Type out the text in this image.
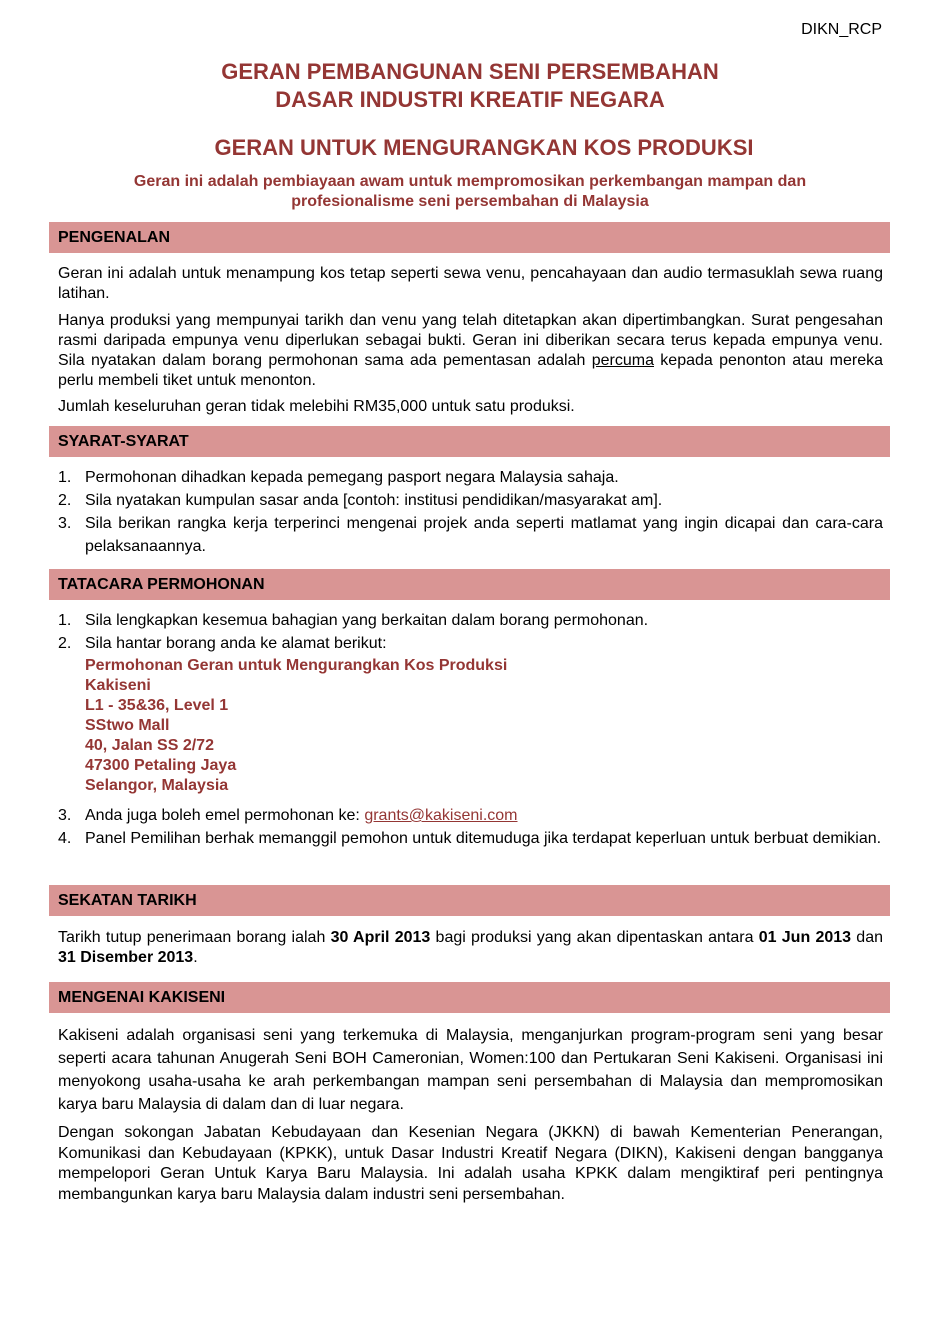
DIKN_RCP
GERAN PEMBANGUNAN SENI PERSEMBAHAN
DASAR INDUSTRI KREATIF NEGARA
GERAN UNTUK MENGURANGKAN KOS PRODUKSI
Geran ini adalah pembiayaan awam untuk mempromosikan perkembangan mampan dan
profesionalisme seni persembahan di Malaysia
PENGENALAN
Geran ini adalah untuk menampung kos tetap seperti sewa venu, pencahayaan dan audio termasuklah sewa ruang latihan.
Hanya produksi yang mempunyai tarikh dan venu yang telah ditetapkan akan dipertimbangkan. Surat pengesahan rasmi daripada empunya venu diperlukan sebagai bukti. Geran ini diberikan secara terus kepada empunya venu. Sila nyatakan dalam borang permohonan sama ada pementasan adalah percuma kepada penonton atau mereka perlu membeli tiket untuk menonton.
Jumlah keseluruhan geran tidak melebihi RM35,000 untuk satu produksi.
SYARAT-SYARAT
1. Permohonan dihadkan kepada pemegang pasport negara Malaysia sahaja.
2. Sila nyatakan kumpulan sasar anda [contoh: institusi pendidikan/masyarakat am].
3. Sila berikan rangka kerja terperinci mengenai projek anda seperti matlamat yang ingin dicapai dan cara-cara pelaksanaannya.
TATACARA PERMOHONAN
1. Sila lengkapkan kesemua bahagian yang berkaitan dalam borang permohonan.
2. Sila hantar borang anda ke alamat berikut:
Permohonan Geran untuk Mengurangkan Kos Produksi
Kakiseni
L1 - 35&36, Level 1
SStwo Mall
40, Jalan SS 2/72
47300 Petaling Jaya
Selangor, Malaysia
3. Anda juga boleh emel permohonan ke: grants@kakiseni.com
4. Panel Pemilihan berhak memanggil pemohon untuk ditemuduga jika terdapat keperluan untuk berbuat demikian.
SEKATAN TARIKH
Tarikh tutup penerimaan borang ialah 30 April 2013 bagi produksi yang akan dipentaskan antara 01 Jun 2013 dan 31 Disember 2013.
MENGENAI KAKISENI
Kakiseni adalah organisasi seni yang terkemuka di Malaysia, menganjurkan program-program seni yang besar seperti acara tahunan Anugerah Seni BOH Cameronian, Women:100 dan Pertukaran Seni Kakiseni. Organisasi ini menyokong usaha-usaha ke arah perkembangan mampan seni persembahan di Malaysia dan mempromosikan karya baru Malaysia di dalam dan di luar negara.
Dengan sokongan Jabatan Kebudayaan dan Kesenian Negara (JKKN) di bawah Kementerian Penerangan, Komunikasi dan Kebudayaan (KPKK), untuk Dasar Industri Kreatif Negara (DIKN), Kakiseni dengan bangganya mempelopori Geran Untuk Karya Baru Malaysia. Ini adalah usaha KPKK dalam mengiktiraf peri pentingnya membangunkan karya baru Malaysia dalam industri seni persembahan.
